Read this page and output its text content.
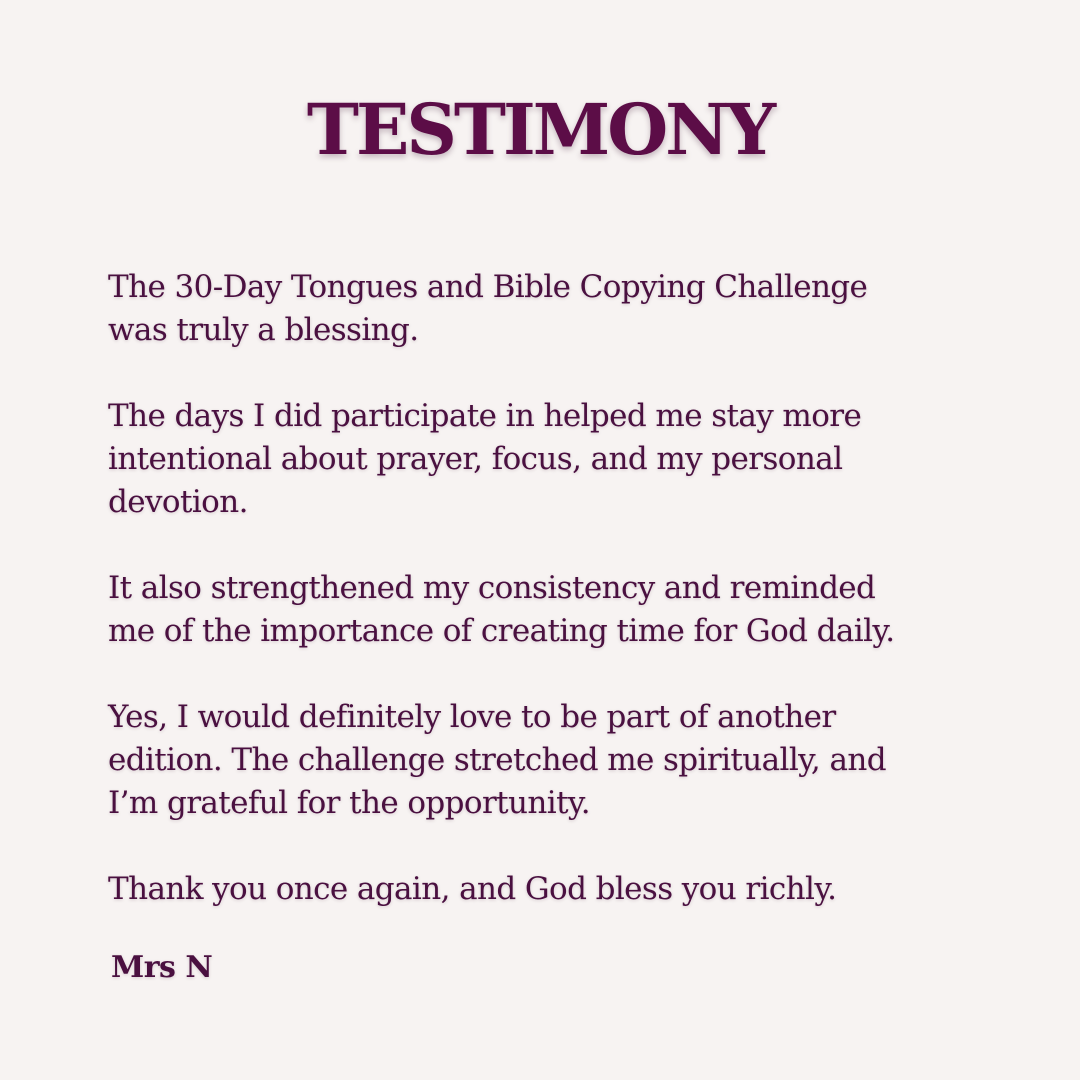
TESTIMONY

The 30-Day Tongues and Bible Copying Challenge
was truly a blessing.

The days I did participate in helped me stay more
intentional about prayer, focus, and my personal
devotion.

It also strengthened my consistency and reminded
me of the importance of creating time for God daily.

Yes, I would definitely love to be part of another
edition. The challenge stretched me spiritually, and
I’m grateful for the opportunity.

Thank you once again, and God bless you richly.

Mrs N
